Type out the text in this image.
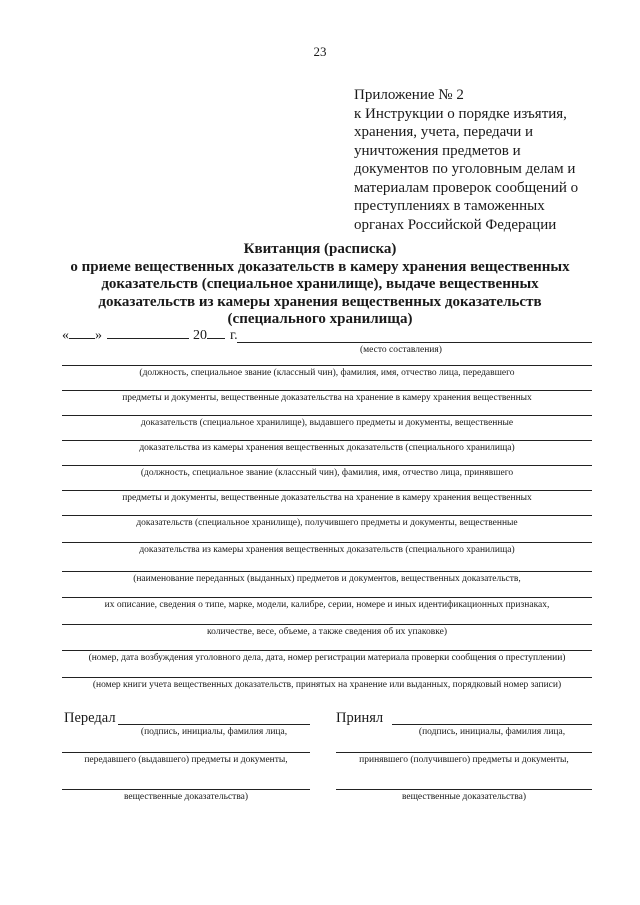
23
Приложение № 2
к Инструкции о порядке изъятия,
хранения, учета, передачи и
уничтожения предметов и
документов по уголовным делам и
материалам проверок сообщений о
преступлениях в таможенных
органах Российской Федерации
Квитанция (расписка)
о приеме вещественных доказательств в камеру хранения вещественных
доказательств (специальное хранилище), выдаче вещественных
доказательств из камеры хранения вещественных доказательств
(специального хранилища)
« »	20 г.
(место составления)
(должность, специальное звание (классный чин), фамилия, имя, отчество лица, передавшего
предметы и документы, вещественные доказательства на хранение в камеру хранения вещественных
доказательств (специальное хранилище), выдавшего предметы и документы, вещественные
доказательства из камеры хранения вещественных доказательств (специального хранилища)
(должность, специальное звание (классный чин), фамилия, имя, отчество лица, принявшего
предметы и документы, вещественные доказательства на хранение в камеру хранения вещественных
доказательств (специальное хранилище), получившего предметы и документы, вещественные
доказательства из камеры хранения вещественных доказательств (специального хранилища)
(наименование переданных (выданных) предметов и документов, вещественных доказательств,
их описание, сведения о типе, марке, модели, калибре, серии, номере и иных идентификационных признаках,
количестве, весе, объеме, а также сведения об их упаковке)
(номер, дата возбуждения уголовного дела, дата, номер регистрации материала проверки сообщения о преступлении)
(номер книги учета вещественных доказательств, принятых на хранение или выданных, порядковый номер записи)
Передал
(подпись, инициалы, фамилия лица,
передавшего (выдавшего) предметы и документы,
вещественные доказательства)
Принял
(подпись, инициалы, фамилия лица,
принявшего (получившего) предметы и документы,
вещественные доказательства)
